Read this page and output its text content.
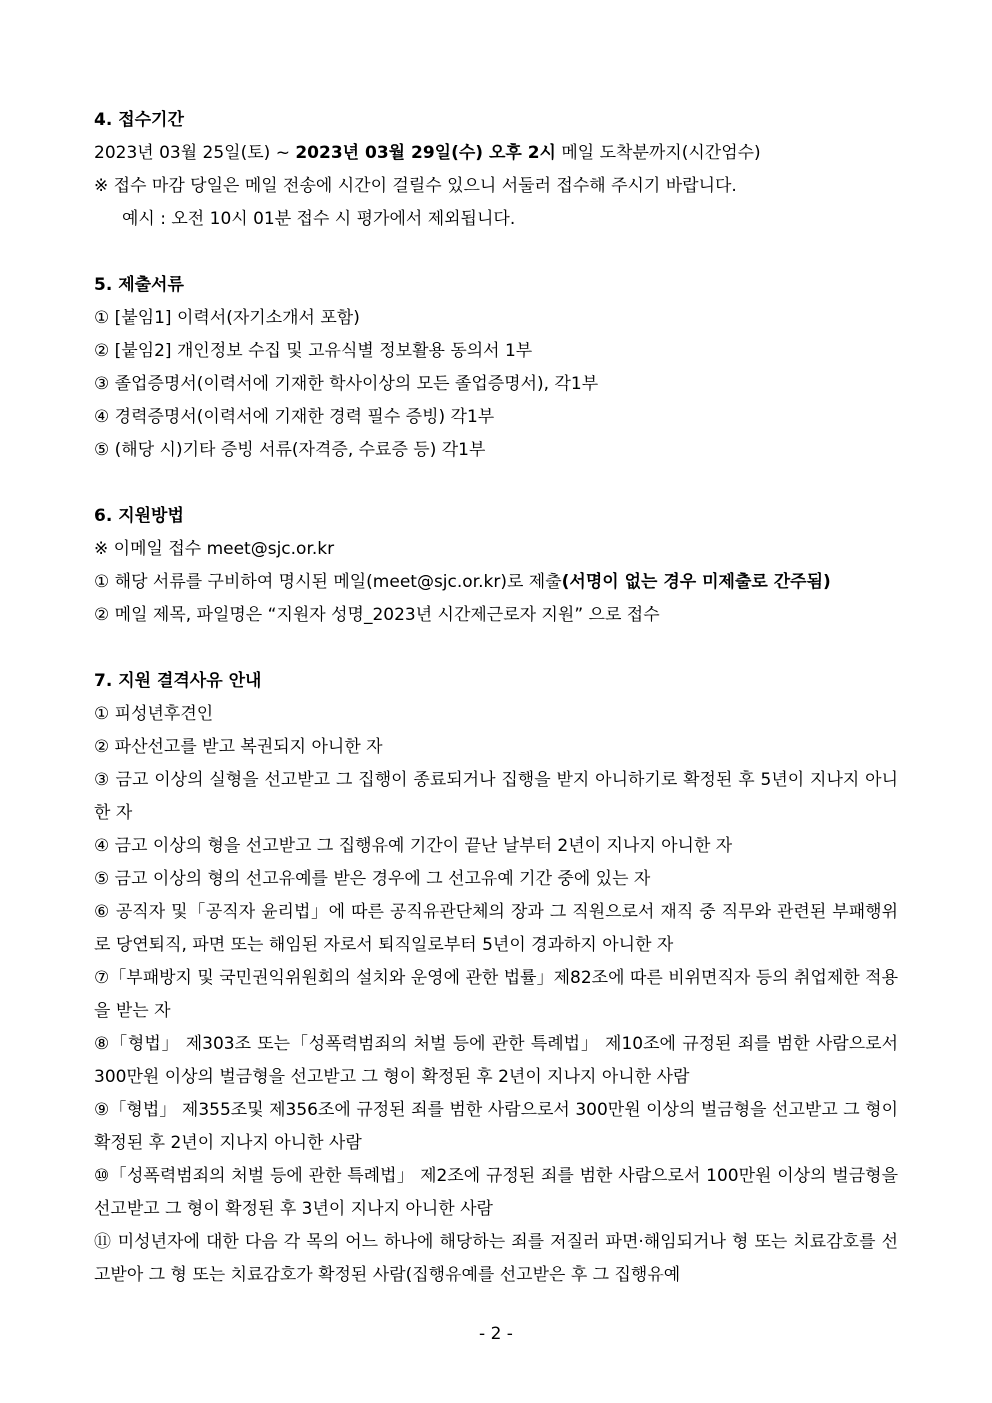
4. 접수기간
2023년 03월 25일(토) ~ 2023년 03월 29일(수) 오후 2시 메일 도착분까지(시간엄수)
※ 접수 마감 당일은 메일 전송에 시간이 걸릴수 있으니 서둘러 접수해 주시기 바랍니다.
예시 : 오전 10시 01분 접수 시 평가에서 제외됩니다.
5. 제출서류
① [붙임1] 이력서(자기소개서 포함)
② [붙임2] 개인정보 수집 및 고유식별 정보활용 동의서 1부
③ 졸업증명서(이력서에 기재한 학사이상의 모든 졸업증명서), 각1부
④ 경력증명서(이력서에 기재한 경력 필수 증빙) 각1부
⑤ (해당 시)기타 증빙 서류(자격증, 수료증 등) 각1부
6. 지원방법
※ 이메일 접수 meet@sjc.or.kr
① 해당 서류를 구비하여 명시된 메일(meet@sjc.or.kr)로 제출(서명이 없는 경우 미제출로 간주됨)
② 메일 제목, 파일명은 “지원자 성명_2023년 시간제근로자 지원” 으로 접수
7. 지원 결격사유 안내
① 피성년후견인
② 파산선고를 받고 복권되지 아니한 자
③ 금고 이상의 실형을 선고받고 그 집행이 종료되거나 집행을 받지 아니하기로 확정된 후 5년이 지나지 아니한 자
④ 금고 이상의 형을 선고받고 그 집행유예 기간이 끝난 날부터 2년이 지나지 아니한 자
⑤ 금고 이상의 형의 선고유예를 받은 경우에 그 선고유예 기간 중에 있는 자
⑥ 공직자 및「공직자 윤리법」에 따른 공직유관단체의 장과 그 직원으로서 재직 중 직무와 관련된 부패행위로 당연퇴직, 파면 또는 해임된 자로서 퇴직일로부터 5년이 경과하지 아니한 자
⑦「부패방지 및 국민권익위원회의 설치와 운영에 관한 법률」제82조에 따른 비위면직자 등의 취업제한 적용을 받는 자
⑧「형법」 제303조 또는「성폭력범죄의 처벌 등에 관한 특례법」 제10조에 규정된 죄를 범한 사람으로서 300만원 이상의 벌금형을 선고받고 그 형이 확정된 후 2년이 지나지 아니한 사람
⑨「형법」 제355조및 제356조에 규정된 죄를 범한 사람으로서 300만원 이상의 벌금형을 선고받고 그 형이 확정된 후 2년이 지나지 아니한 사람
⑩「성폭력범죄의 처벌 등에 관한 특례법」 제2조에 규정된 죄를 범한 사람으로서 100만원 이상의 벌금형을 선고받고 그 형이 확정된 후 3년이 지나지 아니한 사람
⑪ 미성년자에 대한 다음 각 목의 어느 하나에 해당하는 죄를 저질러 파면·해임되거나 형 또는 치료감호를 선고받아 그 형 또는 치료감호가 확정된 사람(집행유예를 선고받은 후 그 집행유예
- 2 -
